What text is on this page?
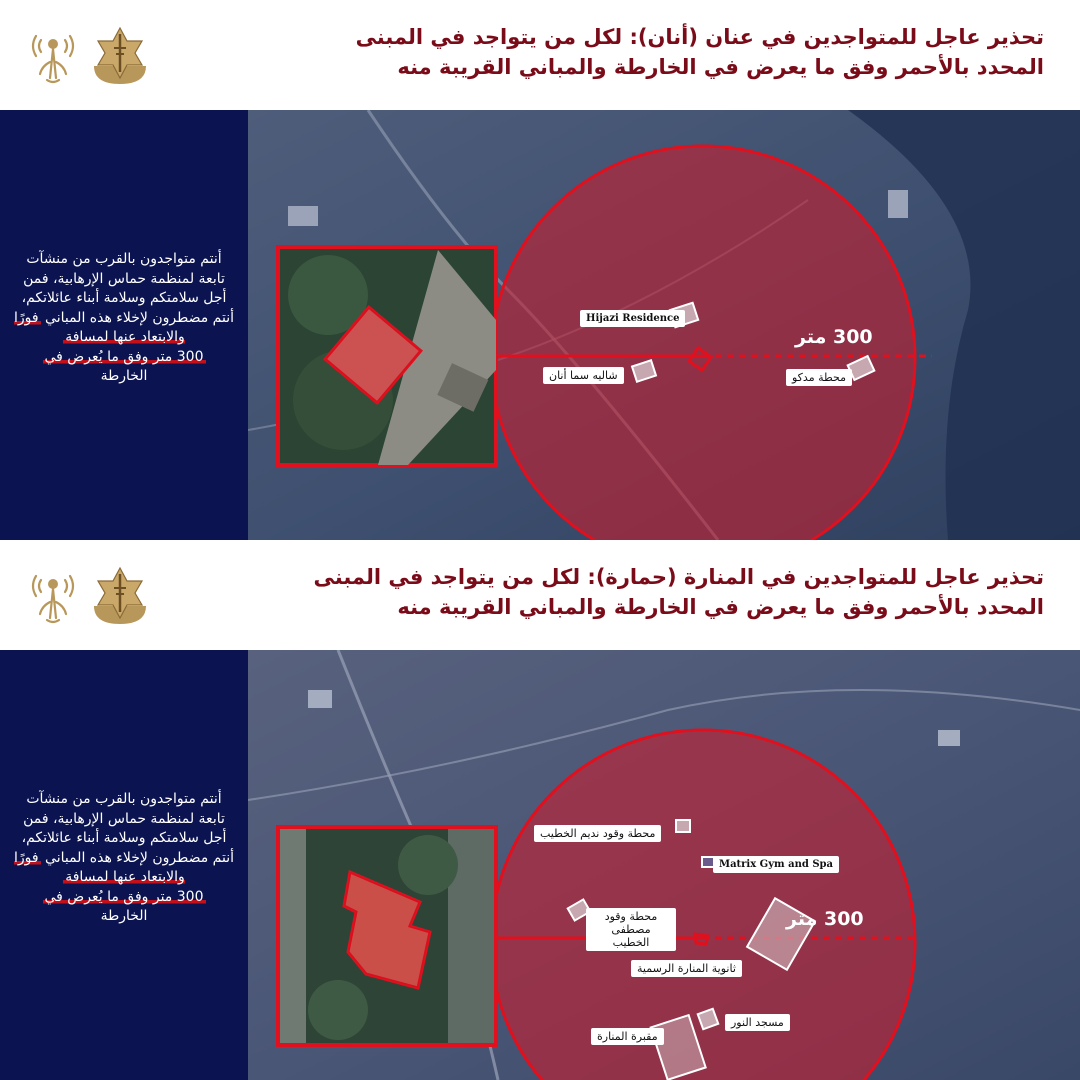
تحذير عاجل للمتواجدين في عنان (أنان): لكل من يتواجد في المبنى المحدد بالأحمر وفق ما يعرض في الخارطة والمباني القريبة منه

أنتم متواجدون بالقرب من منشآت تابعة لمنظمة حماس الإرهابية، فمن أجل سلامتكم وسلامة أبناء عائلاتكم، أنتم مضطرون لإخلاء هذه المباني فورًا والابتعاد عنها لمسافة
300 متر وفق ما يُعرض في
الخارطة

Hijazi Residence
شاليه سما أنان	محطة مدكو
300 متر
تحذير عاجل للمتواجدين في المنارة (حمارة): لكل من يتواجد في المبنى المحدد بالأحمر وفق ما يعرض في الخارطة والمباني القريبة منه

أنتم متواجدون بالقرب من منشآت تابعة لمنظمة حماس الإرهابية، فمن أجل سلامتكم وسلامة أبناء عائلاتكم، أنتم مضطرون لإخلاء هذه المباني فورًا والابتعاد عنها لمسافة
300 متر وفق ما يُعرض في
الخارطة

محطة وقود نديم الخطيب
Matrix Gym and Spa
محطة وقود مصطفى الخطيب
ثانوية المنارة الرسمية
مسجد النور
مقبرة المنارة
300 متر
